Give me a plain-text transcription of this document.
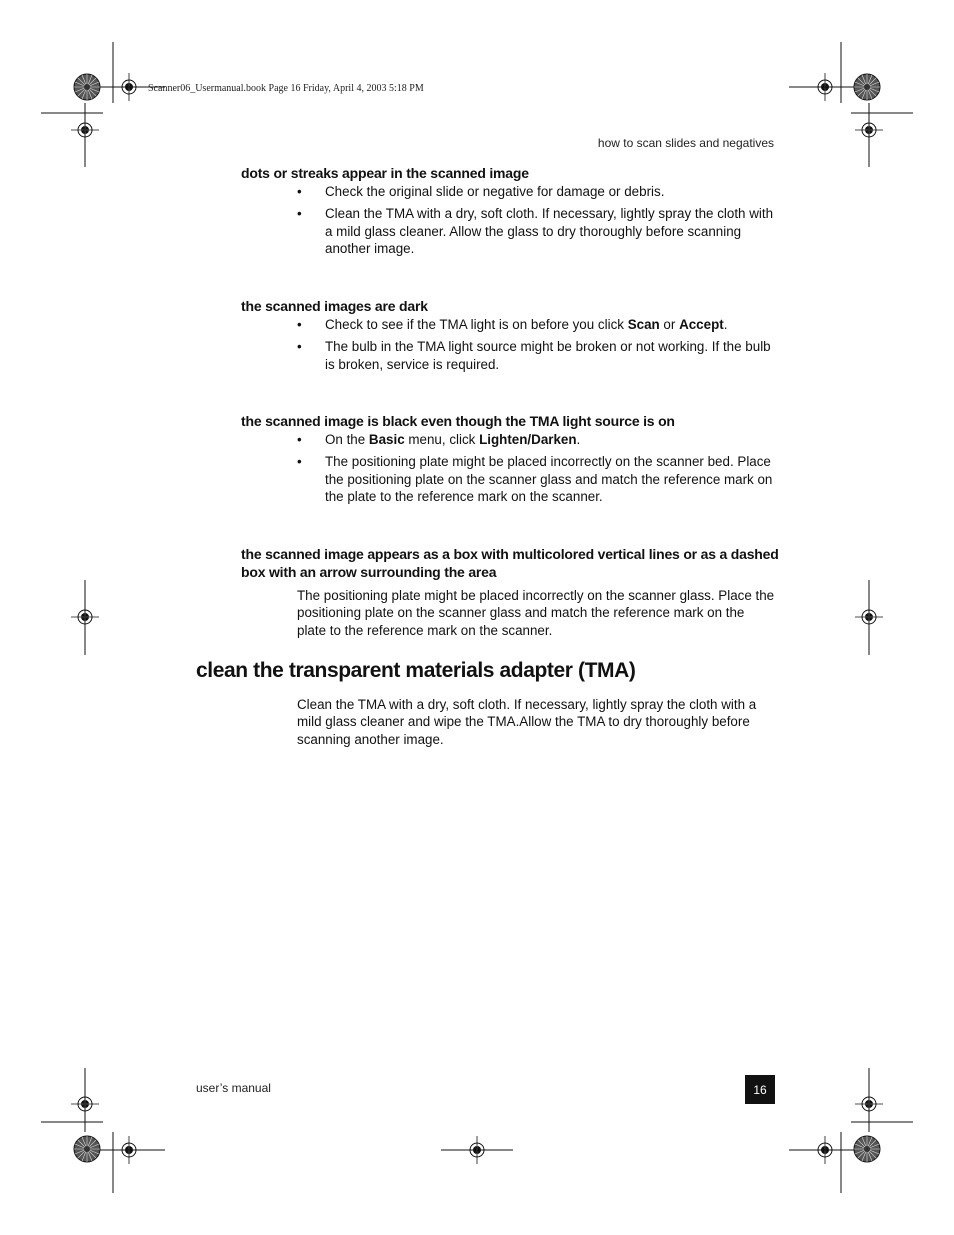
Scanner06_Usermanual.book Page 16 Friday, April 4, 2003 5:18 PM
how to scan slides and negatives
dots or streaks appear in the scanned image
• Check the original slide or negative for damage or debris.
• Clean the TMA with a dry, soft cloth. If necessary, lightly spray the cloth with a mild glass cleaner. Allow the glass to dry thoroughly before scanning another image.
the scanned images are dark
• Check to see if the TMA light is on before you click Scan or Accept.
• The bulb in the TMA light source might be broken or not working. If the bulb is broken, service is required.
the scanned image is black even though the TMA light source is on
• On the Basic menu, click Lighten/Darken.
• The positioning plate might be placed incorrectly on the scanner bed. Place the positioning plate on the scanner glass and match the reference mark on the plate to the reference mark on the scanner.
the scanned image appears as a box with multicolored vertical lines or as a dashed box with an arrow surrounding the area

The positioning plate might be placed incorrectly on the scanner glass. Place the positioning plate on the scanner glass and match the reference mark on the plate to the reference mark on the scanner.

clean the transparent materials adapter (TMA)

Clean the TMA with a dry, soft cloth. If necessary, lightly spray the cloth with a mild glass cleaner and wipe the TMA.Allow the TMA to dry thoroughly before scanning another image.

user’s manual	16
